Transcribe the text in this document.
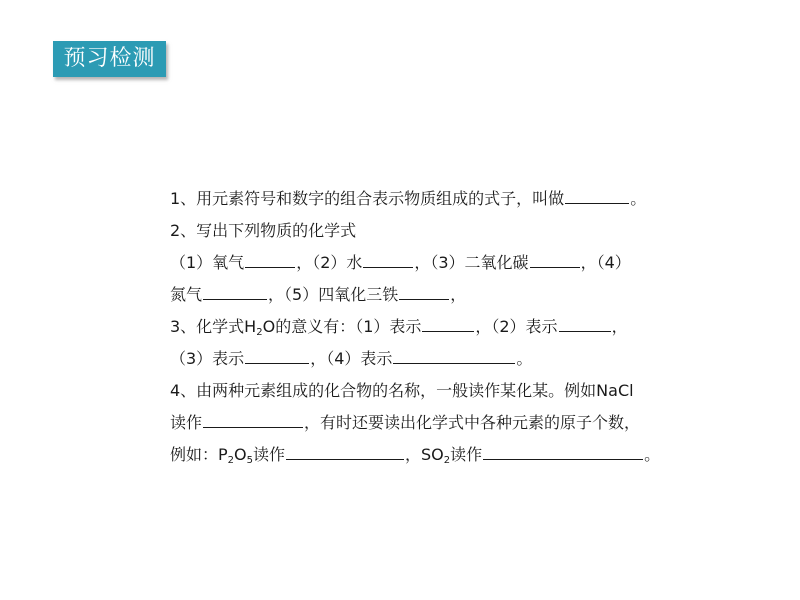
预习检测
1、用元素符号和数字的组合表示物质组成的式子，叫做	。
2、写出下列物质的化学式
（1）氧气	，（2）水	，（3）二氧化碳	，（4）
氮气	，（5）四氧化三铁	，
3、化学式$H_2O$的意义有：（1）表示	，（2）表示	，
（3）表示	，（4）表示	。
4、由两种元素组成的化合物的名称，一般读作某化某。例如NaCl
读作	，有时还要读出化学式中各种元素的原子个数，
例如：$P_2O_5$读作	，$SO_2$读作	。
